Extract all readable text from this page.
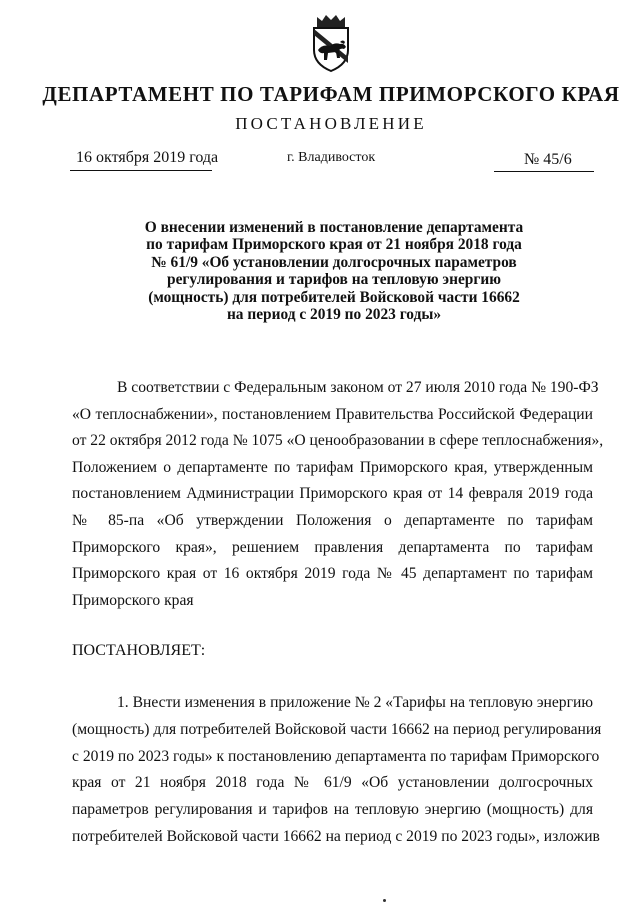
ДЕПАРТАМЕНТ ПО ТАРИФАМ ПРИМОРСКОГО КРАЯ
ПОСТАНОВЛЕНИЕ
16 октября 2019 года	г. Владивосток	№ 45/6
О внесении изменений в постановление департамента
по тарифам Приморского края от 21 ноября 2018 года
№ 61/9 «Об установлении долгосрочных параметров
регулирования и тарифов на тепловую энергию
(мощность) для потребителей Войсковой части 16662
на период с 2019 по 2023 годы»
В соответствии с Федеральным законом от 27 июля 2010 года № 190-ФЗ
«О теплоснабжении», постановлением Правительства Российской Федерации
от 22 октября 2012 года № 1075 «О ценообразовании в сфере теплоснабжения»,
Положением о департаменте по тарифам Приморского края, утвержденным
постановлением Администрации Приморского края от 14 февраля 2019 года
№ 85-па «Об утверждении Положения о департаменте по тарифам
Приморского края», решением правления департамента по тарифам
Приморского края от 16 октября 2019 года № 45 департамент по тарифам
Приморского края
ПОСТАНОВЛЯЕТ:
1. Внести изменения в приложение № 2 «Тарифы на тепловую энергию
(мощность) для потребителей Войсковой части 16662 на период регулирования
с 2019 по 2023 годы» к постановлению департамента по тарифам Приморского
края от 21 ноября 2018 года № 61/9 «Об установлении долгосрочных
параметров регулирования и тарифов на тепловую энергию (мощность) для
потребителей Войсковой части 16662 на период с 2019 по 2023 годы», изложив
